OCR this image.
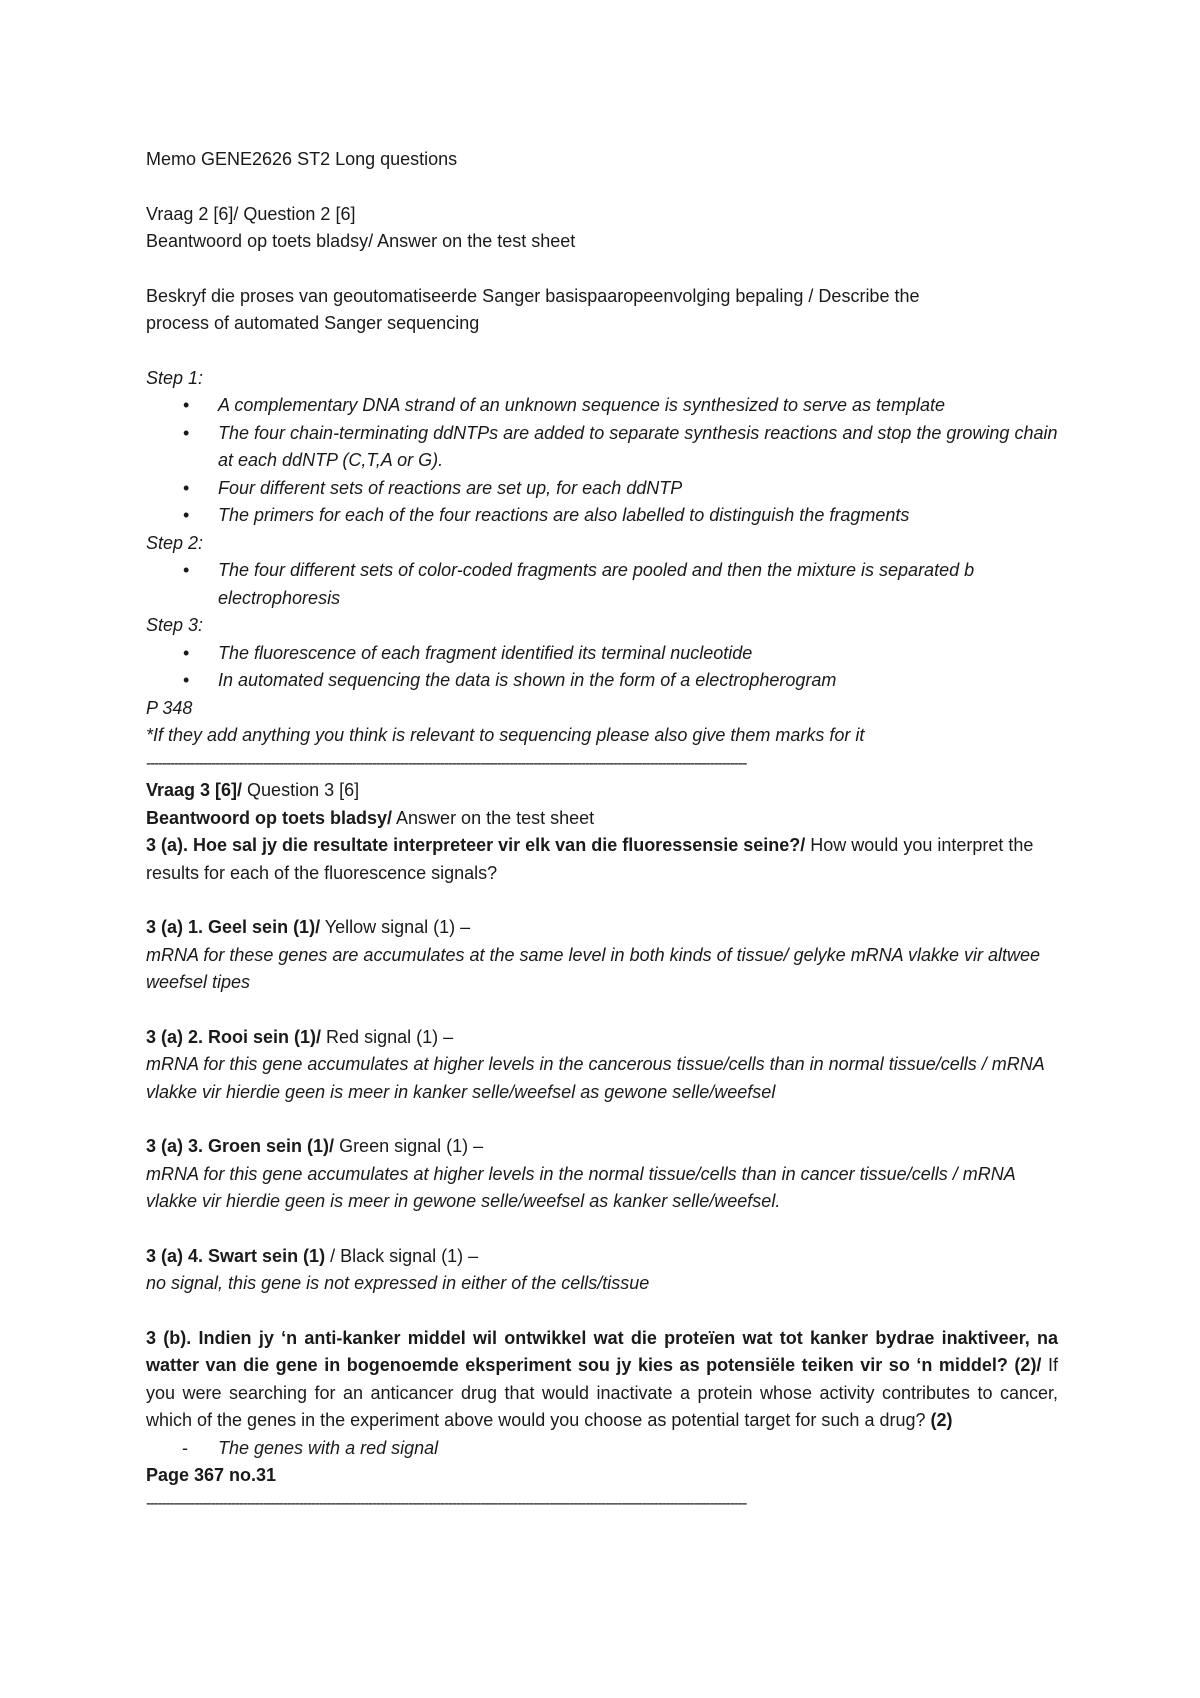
Memo GENE2626 ST2 Long questions

Vraag 2 [6]/ Question 2 [6]

Beantwoord op toets bladsy/ Answer on the test sheet

Beskryf die proses van geoutomatiseerde Sanger basispaaropeenvolging bepaling / Describe the

process of automated Sanger sequencing

Step 1:

• A complementary DNA strand of an unknown sequence is synthesized to serve as template
• The four chain-terminating ddNTPs are added to separate synthesis reactions and stop the growing chain at each ddNTP (C,T,A or G).
• Four different sets of reactions are set up, for each ddNTP
• The primers for each of the four reactions are also labelled to distinguish the fragments

Step 2:

• The four different sets of color-coded fragments are pooled and then the mixture is separated b electrophoresis

Step 3:

• The fluorescence of each fragment identified its terminal nucleotide
• In automated sequencing the data is shown in the form of a electropherogram

P 348

*If they add anything you think is relevant to sequencing please also give them marks for it

-----------------------------------------------------------------------------------------------------------------------------------------------------

Vraag 3 [6]/ Question 3 [6]

Beantwoord op toets bladsy/ Answer on the test sheet

3 (a). Hoe sal jy die resultate interpreteer vir elk van die fluoressensie seine?/ How would you interpret the results for each of the fluorescence signals?

3 (a) 1. Geel sein (1)/ Yellow signal (1) –

mRNA for these genes are accumulates at the same level in both kinds of tissue/ gelyke mRNA vlakke vir altwee weefsel tipes

3 (a) 2. Rooi sein (1)/ Red signal (1) –

mRNA for this gene accumulates at higher levels in the cancerous tissue/cells than in normal tissue/cells / mRNA vlakke vir hierdie geen is meer in kanker selle/weefsel as gewone selle/weefsel

3 (a) 3. Groen sein (1)/ Green signal (1) –

mRNA for this gene accumulates at higher levels in the normal tissue/cells than in cancer tissue/cells / mRNA vlakke vir hierdie geen is meer in gewone selle/weefsel as kanker selle/weefsel.

3 (a) 4. Swart sein (1) / Black signal (1) –

no signal, this gene is not expressed in either of the cells/tissue

3 (b). Indien jy ‘n anti-kanker middel wil ontwikkel wat die proteïen wat tot kanker bydrae inaktiveer, na watter van die gene in bogenoemde eksperiment sou jy kies as potensiële teiken vir so ‘n middel? (2)/ If you were searching for an anticancer drug that would inactivate a protein whose activity contributes to cancer, which of the genes in the experiment above would you choose as potential target for such a drug? (2)

- The genes with a red signal

Page 367 no.31

-----------------------------------------------------------------------------------------------------------------------------------------------------
